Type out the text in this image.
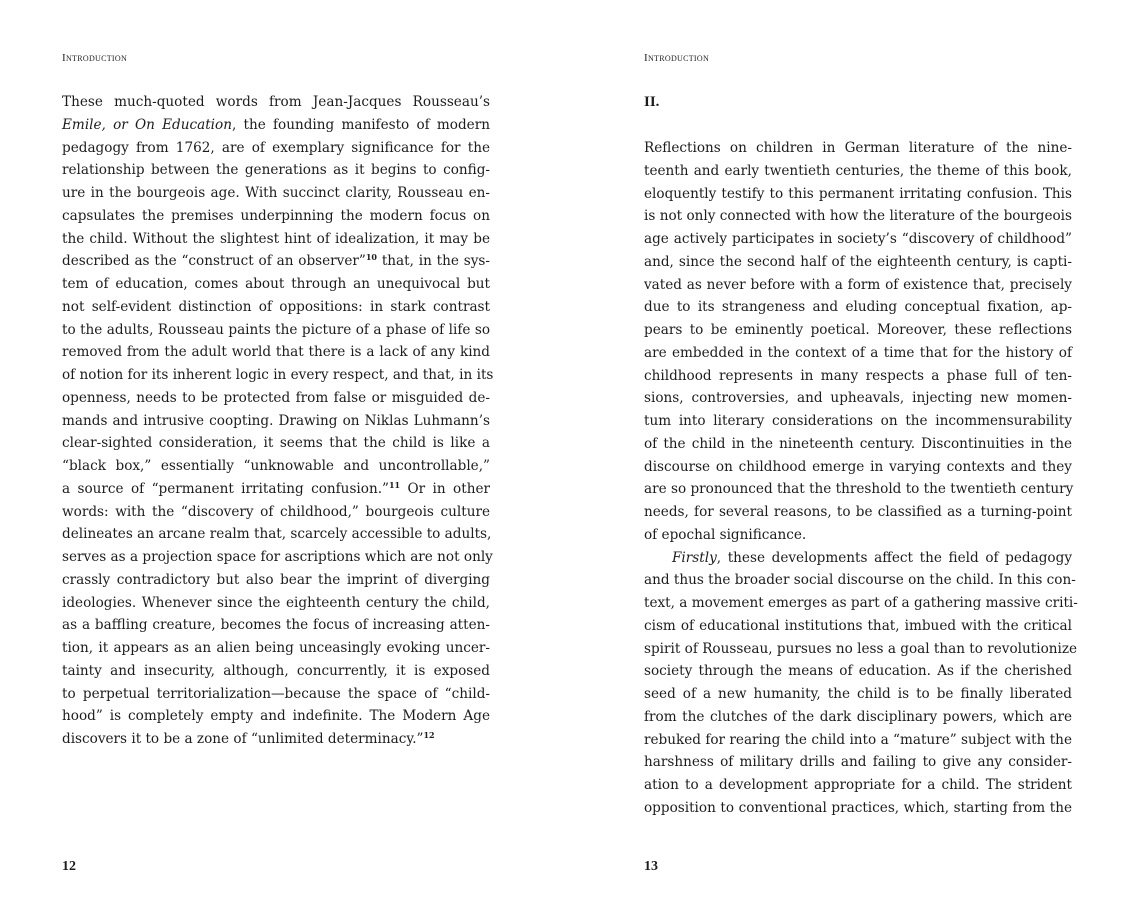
Introduction
These much-quoted words from Jean-Jacques Rousseau’s
Emile, or On Education, the founding manifesto of modern
pedagogy from 1762, are of exemplary significance for the
relationship between the generations as it begins to config-
ure in the bourgeois age. With succinct clarity, Rousseau en-
capsulates the premises underpinning the modern focus on
the child. Without the slightest hint of idealization, it may be
described as the “construct of an observer”$^{10}$ that, in the sys-
tem of education, comes about through an unequivocal but
not self-evident distinction of oppositions: in stark contrast
to the adults, Rousseau paints the picture of a phase of life so
removed from the adult world that there is a lack of any kind
of notion for its inherent logic in every respect, and that, in its
openness, needs to be protected from false or misguided de-
mands and intrusive coopting. Drawing on Niklas Luhmann’s
clear-sighted consideration, it seems that the child is like a
“black box,” essentially “unknowable and uncontrollable,”
a source of “permanent irritating confusion.”$^{11}$ Or in other
words: with the “discovery of childhood,” bourgeois culture
delineates an arcane realm that, scarcely accessible to adults,
serves as a projection space for ascriptions which are not only
crassly contradictory but also bear the imprint of diverging
ideologies. Whenever since the eighteenth century the child,
as a baffling creature, becomes the focus of increasing atten-
tion, it appears as an alien being unceasingly evoking uncer-
tainty and insecurity, although, concurrently, it is exposed
to perpetual territorialization—because the space of “child-
hood” is completely empty and indefinite. The Modern Age
discovers it to be a zone of “unlimited determinacy.”$^{12}$
12
Introduction
II.
Reflections on children in German literature of the nine-
teenth and early twentieth centuries, the theme of this book,
eloquently testify to this permanent irritating confusion. This
is not only connected with how the literature of the bourgeois
age actively participates in society’s “discovery of childhood”
and, since the second half of the eighteenth century, is capti-
vated as never before with a form of existence that, precisely
due to its strangeness and eluding conceptual fixation, ap-
pears to be eminently poetical. Moreover, these reflections
are embedded in the context of a time that for the history of
childhood represents in many respects a phase full of ten-
sions, controversies, and upheavals, injecting new momen-
tum into literary considerations on the incommensurability
of the child in the nineteenth century. Discontinuities in the
discourse on childhood emerge in varying contexts and they
are so pronounced that the threshold to the twentieth century
needs, for several reasons, to be classified as a turning-point
of epochal significance.
Firstly, these developments affect the field of pedagogy
and thus the broader social discourse on the child. In this con-
text, a movement emerges as part of a gathering massive criti-
cism of educational institutions that, imbued with the critical
spirit of Rousseau, pursues no less a goal than to revolutionize
society through the means of education. As if the cherished
seed of a new humanity, the child is to be finally liberated
from the clutches of the dark disciplinary powers, which are
rebuked for rearing the child into a “mature” subject with the
harshness of military drills and failing to give any consider-
ation to a development appropriate for a child. The strident
opposition to conventional practices, which, starting from the
13
